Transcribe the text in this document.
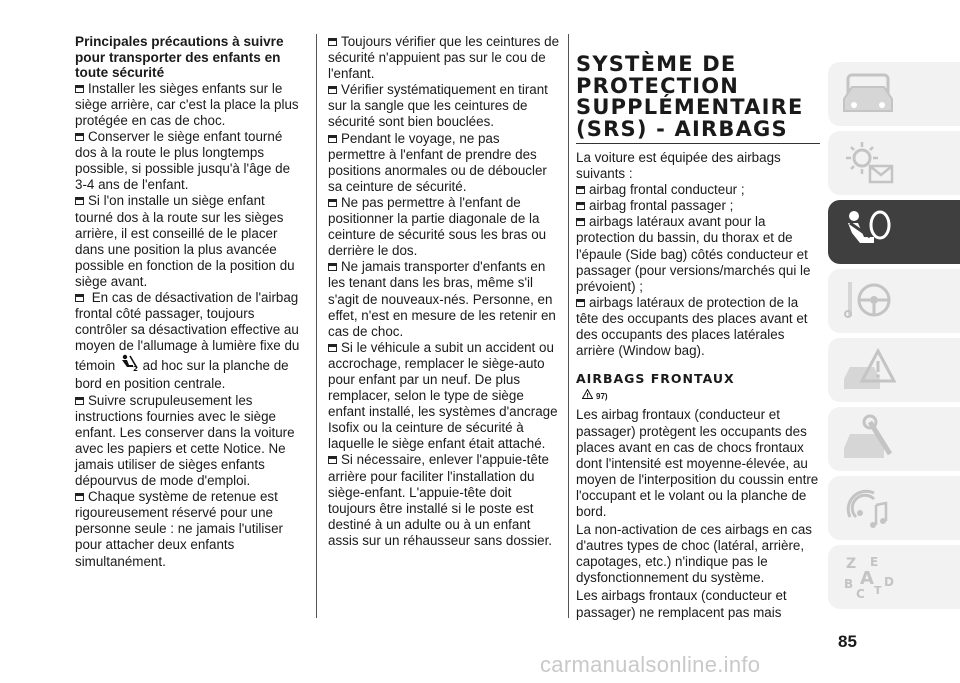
Principales précautions à suivre pour transporter des enfants en toute sécurité

Installer les sièges enfants sur le siège arrière, car c'est la place la plus protégée en cas de choc.

Conserver le siège enfant tourné dos à la route le plus longtemps possible, si possible jusqu'à l'âge de 3-4 ans de l'enfant.

Si l'on installe un siège enfant tourné dos à la route sur les sièges arrière, il est conseillé de le placer dans une position la plus avancée possible en fonction de la position du siège avant.

En cas de désactivation de l'airbag frontal côté passager, toujours contrôler sa désactivation effective au moyen de l'allumage à lumière fixe du témoin	2 ad hoc sur la planche de bord en position centrale.

Suivre scrupuleusement les instructions fournies avec le siège enfant. Les conserver dans la voiture avec les papiers et cette Notice. Ne jamais utiliser de sièges enfants dépourvus de mode d'emploi.

Chaque système de retenue est rigoureusement réservé pour une personne seule : ne jamais l'utiliser pour attacher deux enfants simultanément.

Toujours vérifier que les ceintures de sécurité n'appuient pas sur le cou de l'enfant.

Vérifier systématiquement en tirant sur la sangle que les ceintures de sécurité sont bien bouclées.

Pendant le voyage, ne pas permettre à l'enfant de prendre des positions anormales ou de déboucler sa ceinture de sécurité.

Ne pas permettre à l'enfant de positionner la partie diagonale de la ceinture de sécurité sous les bras ou derrière le dos.

Ne jamais transporter d'enfants en les tenant dans les bras, même s'il s'agit de nouveaux-nés. Personne, en effet, n'est en mesure de les retenir en cas de choc.

Si le véhicule a subit un accident ou accrochage, remplacer le siège-auto pour enfant par un neuf. De plus remplacer, selon le type de siège enfant installé, les systèmes d'ancrage Isofix ou la ceinture de sécurité à laquelle le siège enfant était attaché.

Si nécessaire, enlever l'appuie-tête arrière pour faciliter l'installation du siège-enfant. L'appuie-tête doit toujours être installé si le poste est destiné à un adulte ou à un enfant assis sur un réhausseur sans dossier.

SYSTÈME DE PROTECTION SUPPLÉMENTAIRE (SRS) - AIRBAGS

La voiture est équipée des airbags suivants :

airbag frontal conducteur ;

airbag frontal passager ;

airbags latéraux avant pour la protection du bassin, du thorax et de l'épaule (Side bag) côtés conducteur et passager (pour versions/marchés qui le prévoient) ;

airbags latéraux de protection de la tête des occupants des places avant et des occupants des places latérales arrière (Window bag).

AIRBAGS FRONTAUX
! 97)

Les airbag frontaux (conducteur et passager) protègent les occupants des places avant en cas de chocs frontaux dont l'intensité est moyenne-élevée, au moyen de l'interposition du coussin entre l'occupant et le volant ou la planche de bord.

La non-activation de ces airbags en cas d'autres types de choc (latéral, arrière, capotages, etc.) n'indique pas le dysfonctionnement du système.

Les airbags frontaux (conducteur et passager) ne remplacent pas mais

Z E
B A
C T
D
85
carmanualsonline.info
